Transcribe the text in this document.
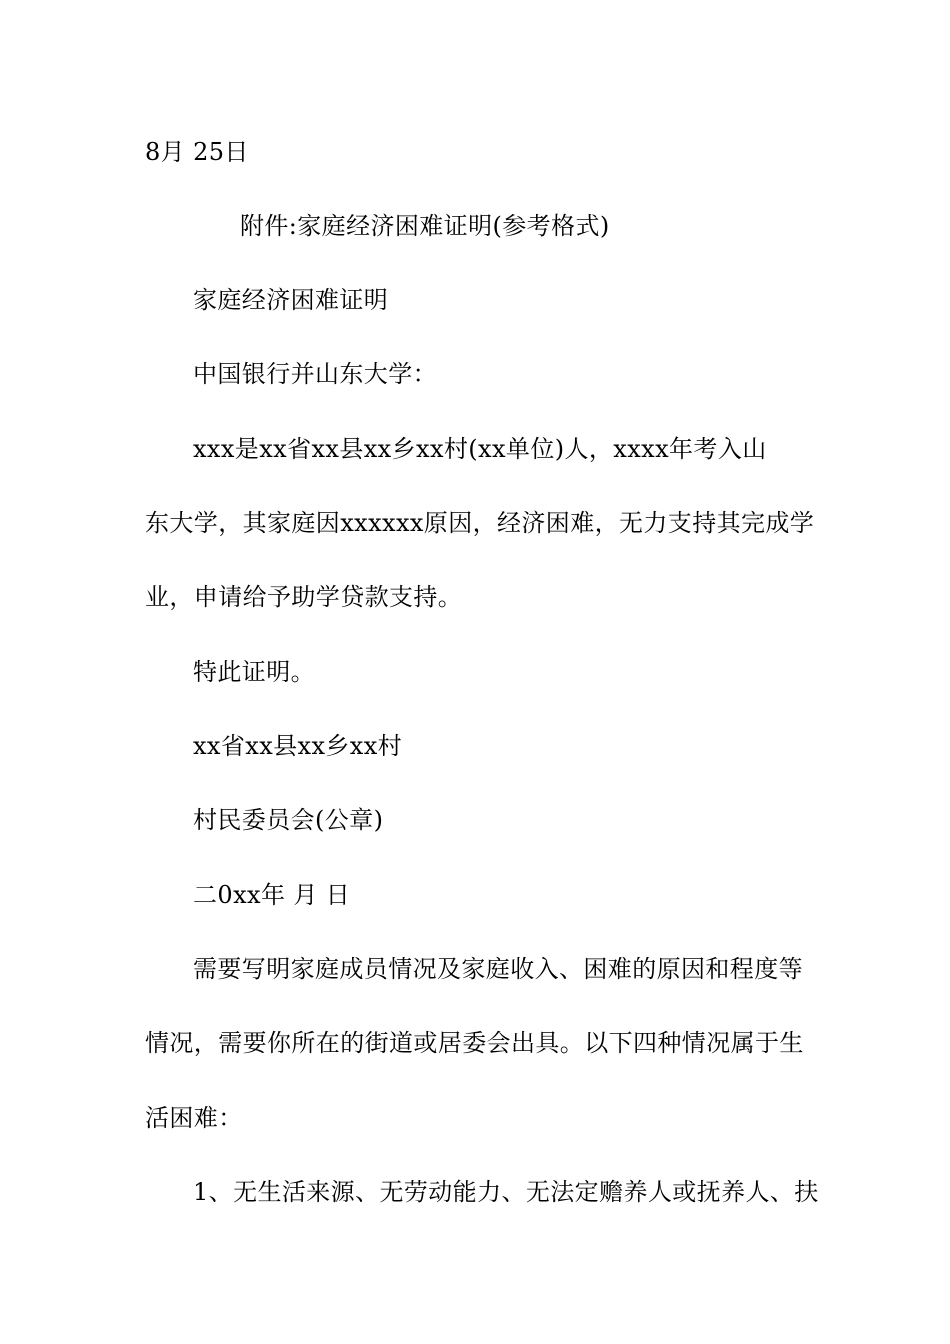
8月 25日
附件:家庭经济困难证明(参考格式)
家庭经济困难证明
中国银行并山东大学：
xxx是xx省xx县xx乡xx村(xx单位)人，xxxx年考入山
东大学，其家庭因xxxxxx原因，经济困难，无力支持其完成学
业，申请给予助学贷款支持。
特此证明。
xx省xx县xx乡xx村
村民委员会(公章)
二0xx年 月 日
需要写明家庭成员情况及家庭收入、困难的原因和程度等
情况，需要你所在的街道或居委会出具。以下四种情况属于生
活困难：
1、无生活来源、无劳动能力、无法定赡养人或抚养人、扶
